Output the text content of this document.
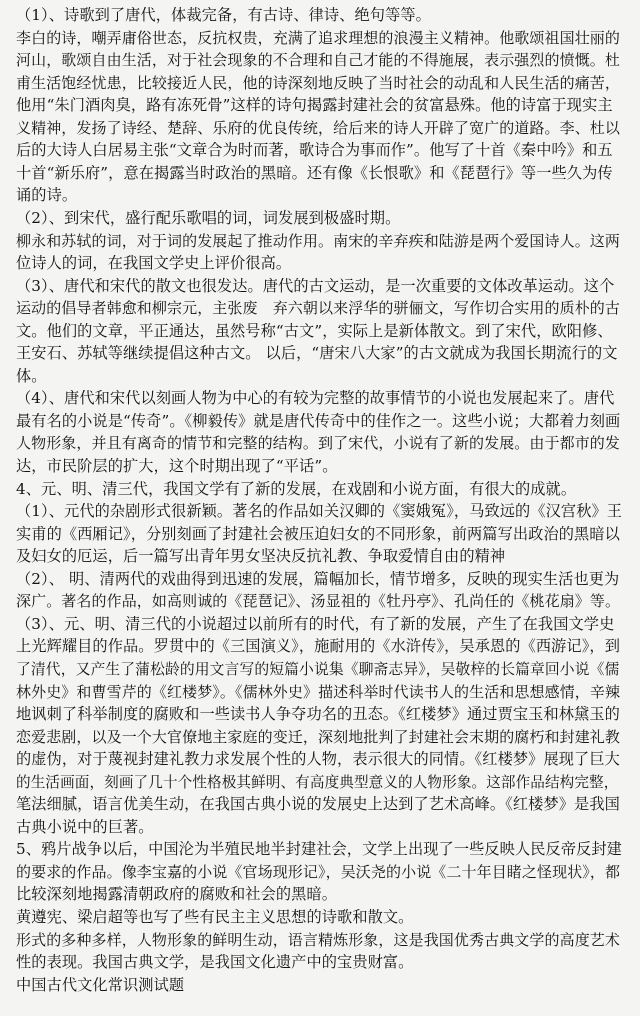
（1）、诗歌到了唐代，体裁完备，有古诗、律诗、绝句等等。
李白的诗，嘲弄庸俗世态，反抗权贵，充满了追求理想的浪漫主义精神。他歌颂祖国壮丽的
河山，歌颂自由生活，对于社会现象的不合理和自己才能的不得施展，表示强烈的愤慨。杜
甫生活饱经忧患，比较接近人民，他的诗深刻地反映了当时社会的动乱和人民生活的痛苦，
他用“朱门酒肉臭，路有冻死骨”这样的诗句揭露封建社会的贫富悬殊。他的诗富于现实主
义精神，发扬了诗经、楚辞、乐府的优良传统，给后来的诗人开辟了宽广的道路。李、杜以
后的大诗人白居易主张“文章合为时而著，歌诗合为事而作”。他写了十首《秦中吟》和五
十首“新乐府”，意在揭露当时政治的黑暗。还有像《长恨歌》和《琵琶行》等一些久为传
诵的诗。
（2）、到宋代，盛行配乐歌唱的词，词发展到极盛时期。
柳永和苏轼的词，对于词的发展起了推动作用。南宋的辛弃疾和陆游是两个爱国诗人。这两
位诗人的词，在我国文学史上评价很高。
（3）、唐代和宋代的散文也很发达。唐代的古文运动，是一次重要的文体改革运动。这个
运动的倡导者韩愈和柳宗元，主张废　弃六朝以来浮华的骈俪文，写作切合实用的质朴的古
文。他们的文章，平正通达，虽然号称“古文”，实际上是新体散文。到了宋代，欧阳修、
王安石、苏轼等继续提倡这种古文。 以后，“唐宋八大家”的古文就成为我国长期流行的文
体。
（4）、唐代和宋代以刻画人物为中心的有较为完整的故事情节的小说也发展起来了。唐代
最有名的小说是“传奇”。《柳毅传》就是唐代传奇中的佳作之一。这些小说；大都着力刻画
人物形象，并且有离奇的情节和完整的结构。到了宋代，小说有了新的发展。由于都市的发
达，市民阶层的扩大，这个时期出现了“平话”。
4、元、明、清三代，我国文学有了新的发展，在戏剧和小说方面，有很大的成就。
（1）、元代的杂剧形式很新颖。著名的作品如关汉卿的《窦娥冤》，马致远的《汉宫秋》王
实甫的《西厢记》，分别刻画了封建社会被压迫妇女的不同形象，前两篇写出政治的黑暗以
及妇女的厄运，后一篇写出青年男女坚决反抗礼教、争取爱情自由的精神
（2）、 明、清两代的戏曲得到迅速的发展，篇幅加长，情节增多，反映的现实生活也更为
深广。著名的作品，如高则诚的《琵琶记》、汤显祖的《牡丹亭》、孔尚任的《桃花扇》等。
（3）、元、明、清三代的小说超过以前所有的时代，有了新的发展，产生了在我国文学史
上光辉耀目的作品。罗贯中的《三国演义》，施耐用的《水浒传》，吴承恩的《西游记》，到
了清代，又产生了蒲松龄的用文言写的短篇小说集《聊斋志异》，吴敬梓的长篇章回小说《儒
林外史》和曹雪芹的《红楼梦》。《儒林外史》描述科举时代读书人的生活和思想感情，辛辣
地讽刺了科举制度的腐败和一些读书人争夺功名的丑态。《红楼梦》通过贾宝玉和林黛玉的
恋爱悲剧，以及一个大官僚地主家庭的变迁，深刻地批判了封建社会末期的腐朽和封建礼教
的虚伪，对于蔑视封建礼教力求发展个性的人物，表示很大的同情。《红楼梦》展现了巨大
的生活画面，刻画了几十个性格极其鲜明、有高度典型意义的人物形象。这部作品结构完整，
笔法细腻，语言优美生动，在我国古典小说的发展史上达到了艺术高峰。《红楼梦》是我国
古典小说中的巨著。
5、鸦片战争以后，中国沦为半殖民地半封建社会，文学上出现了一些反映人民反帝反封建
的要求的作品。像李宝嘉的小说《官场现形记》，吴沃尧的小说《二十年目睹之怪现状》，都
比较深刻地揭露清朝政府的腐败和社会的黑暗。
黄遵宪、梁启超等也写了些有民主主义思想的诗歌和散文。
形式的多种多样，人物形象的鲜明生动，语言精炼形象，这是我国优秀古典文学的高度艺术
性的表现。我国古典文学，是我国文化遗产中的宝贵财富。
中国古代文化常识测试题
